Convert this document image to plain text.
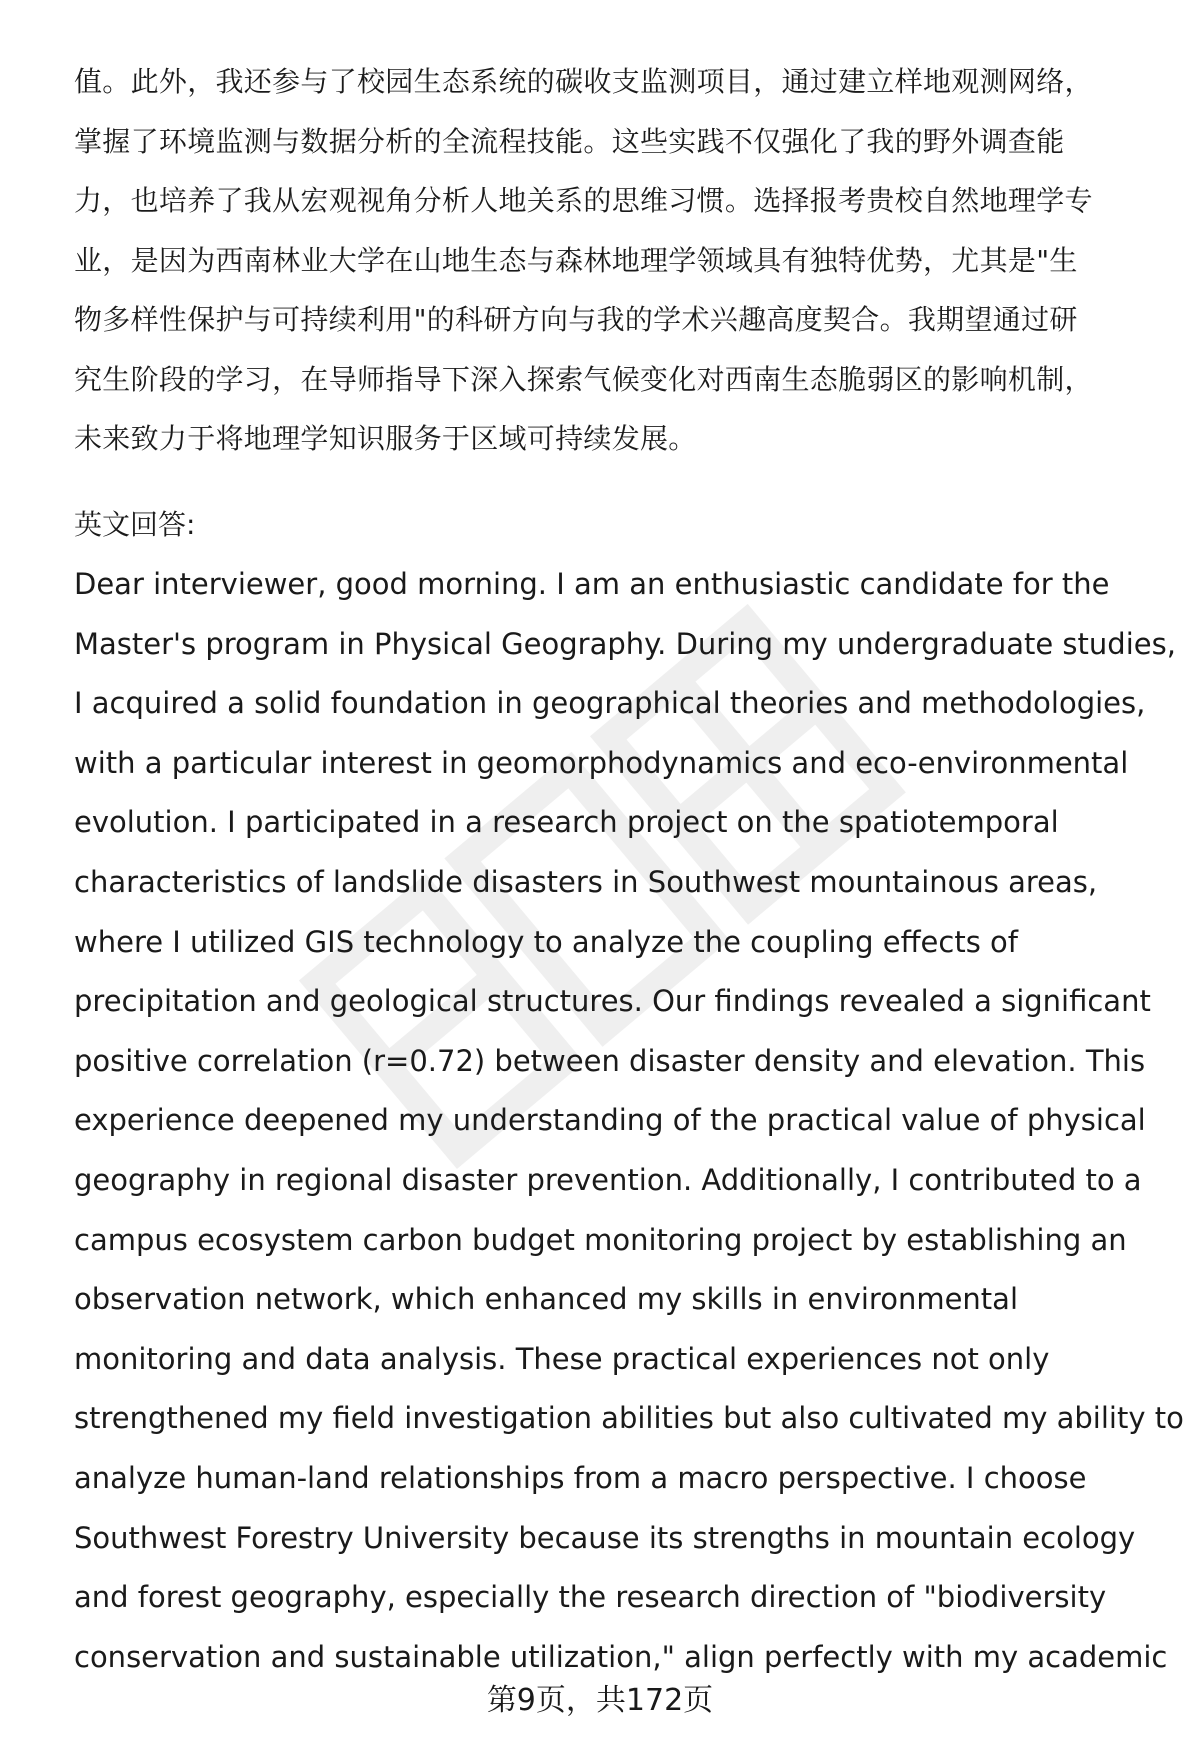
值。此外，我还参与了校园生态系统的碳收支监测项目，通过建立样地观测网络，
掌握了环境监测与数据分析的全流程技能。这些实践不仅强化了我的野外调查能
力，也培养了我从宏观视角分析人地关系的思维习惯。选择报考贵校自然地理学专
业，是因为西南林业大学在山地生态与森林地理学领域具有独特优势，尤其是"生
物多样性保护与可持续利用"的科研方向与我的学术兴趣高度契合。我期望通过研
究生阶段的学习，在导师指导下深入探索气候变化对西南生态脆弱区的影响机制，
未来致力于将地理学知识服务于区域可持续发展。
英文回答:
Dear interviewer, good morning. I am an enthusiastic candidate for the
Master's program in Physical Geography. During my undergraduate studies,
I acquired a solid foundation in geographical theories and methodologies,
with a particular interest in geomorphodynamics and eco-environmental
evolution. I participated in a research project on the spatiotemporal
characteristics of landslide disasters in Southwest mountainous areas,
where I utilized GIS technology to analyze the coupling effects of
precipitation and geological structures. Our findings revealed a significant
positive correlation (r=0.72) between disaster density and elevation. This
experience deepened my understanding of the practical value of physical
geography in regional disaster prevention. Additionally, I contributed to a
campus ecosystem carbon budget monitoring project by establishing an
observation network, which enhanced my skills in environmental
monitoring and data analysis. These practical experiences not only
strengthened my field investigation abilities but also cultivated my ability to
analyze human-land relationships from a macro perspective. I choose
Southwest Forestry University because its strengths in mountain ecology
and forest geography, especially the research direction of "biodiversity
conservation and sustainable utilization," align perfectly with my academic
第9页，共172页
